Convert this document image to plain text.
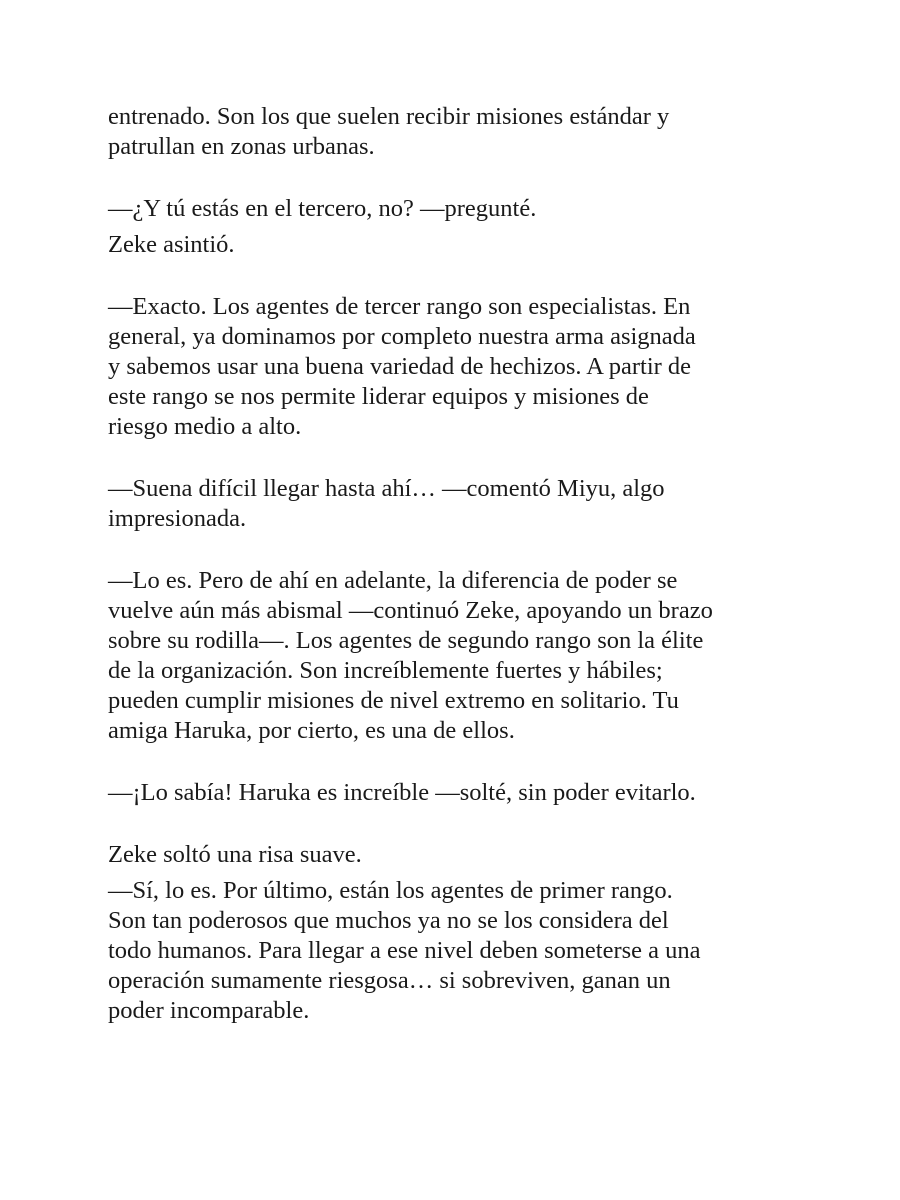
entrenado. Son los que suelen recibir misiones estándar y
patrullan en zonas urbanas.

—¿Y tú estás en el tercero, no? —pregunté.

Zeke asintió.

—Exacto. Los agentes de tercer rango son especialistas. En
general, ya dominamos por completo nuestra arma asignada
y sabemos usar una buena variedad de hechizos. A partir de
este rango se nos permite liderar equipos y misiones de
riesgo medio a alto.

—Suena difícil llegar hasta ahí… —comentó Miyu, algo
impresionada.

—Lo es. Pero de ahí en adelante, la diferencia de poder se
vuelve aún más abismal —continuó Zeke, apoyando un brazo
sobre su rodilla—. Los agentes de segundo rango son la élite
de la organización. Son increíblemente fuertes y hábiles;
pueden cumplir misiones de nivel extremo en solitario. Tu
amiga Haruka, por cierto, es una de ellos.

—¡Lo sabía! Haruka es increíble —solté, sin poder evitarlo.

Zeke soltó una risa suave.

—Sí, lo es. Por último, están los agentes de primer rango.
Son tan poderosos que muchos ya no se los considera del
todo humanos. Para llegar a ese nivel deben someterse a una
operación sumamente riesgosa… si sobreviven, ganan un
poder incomparable.
